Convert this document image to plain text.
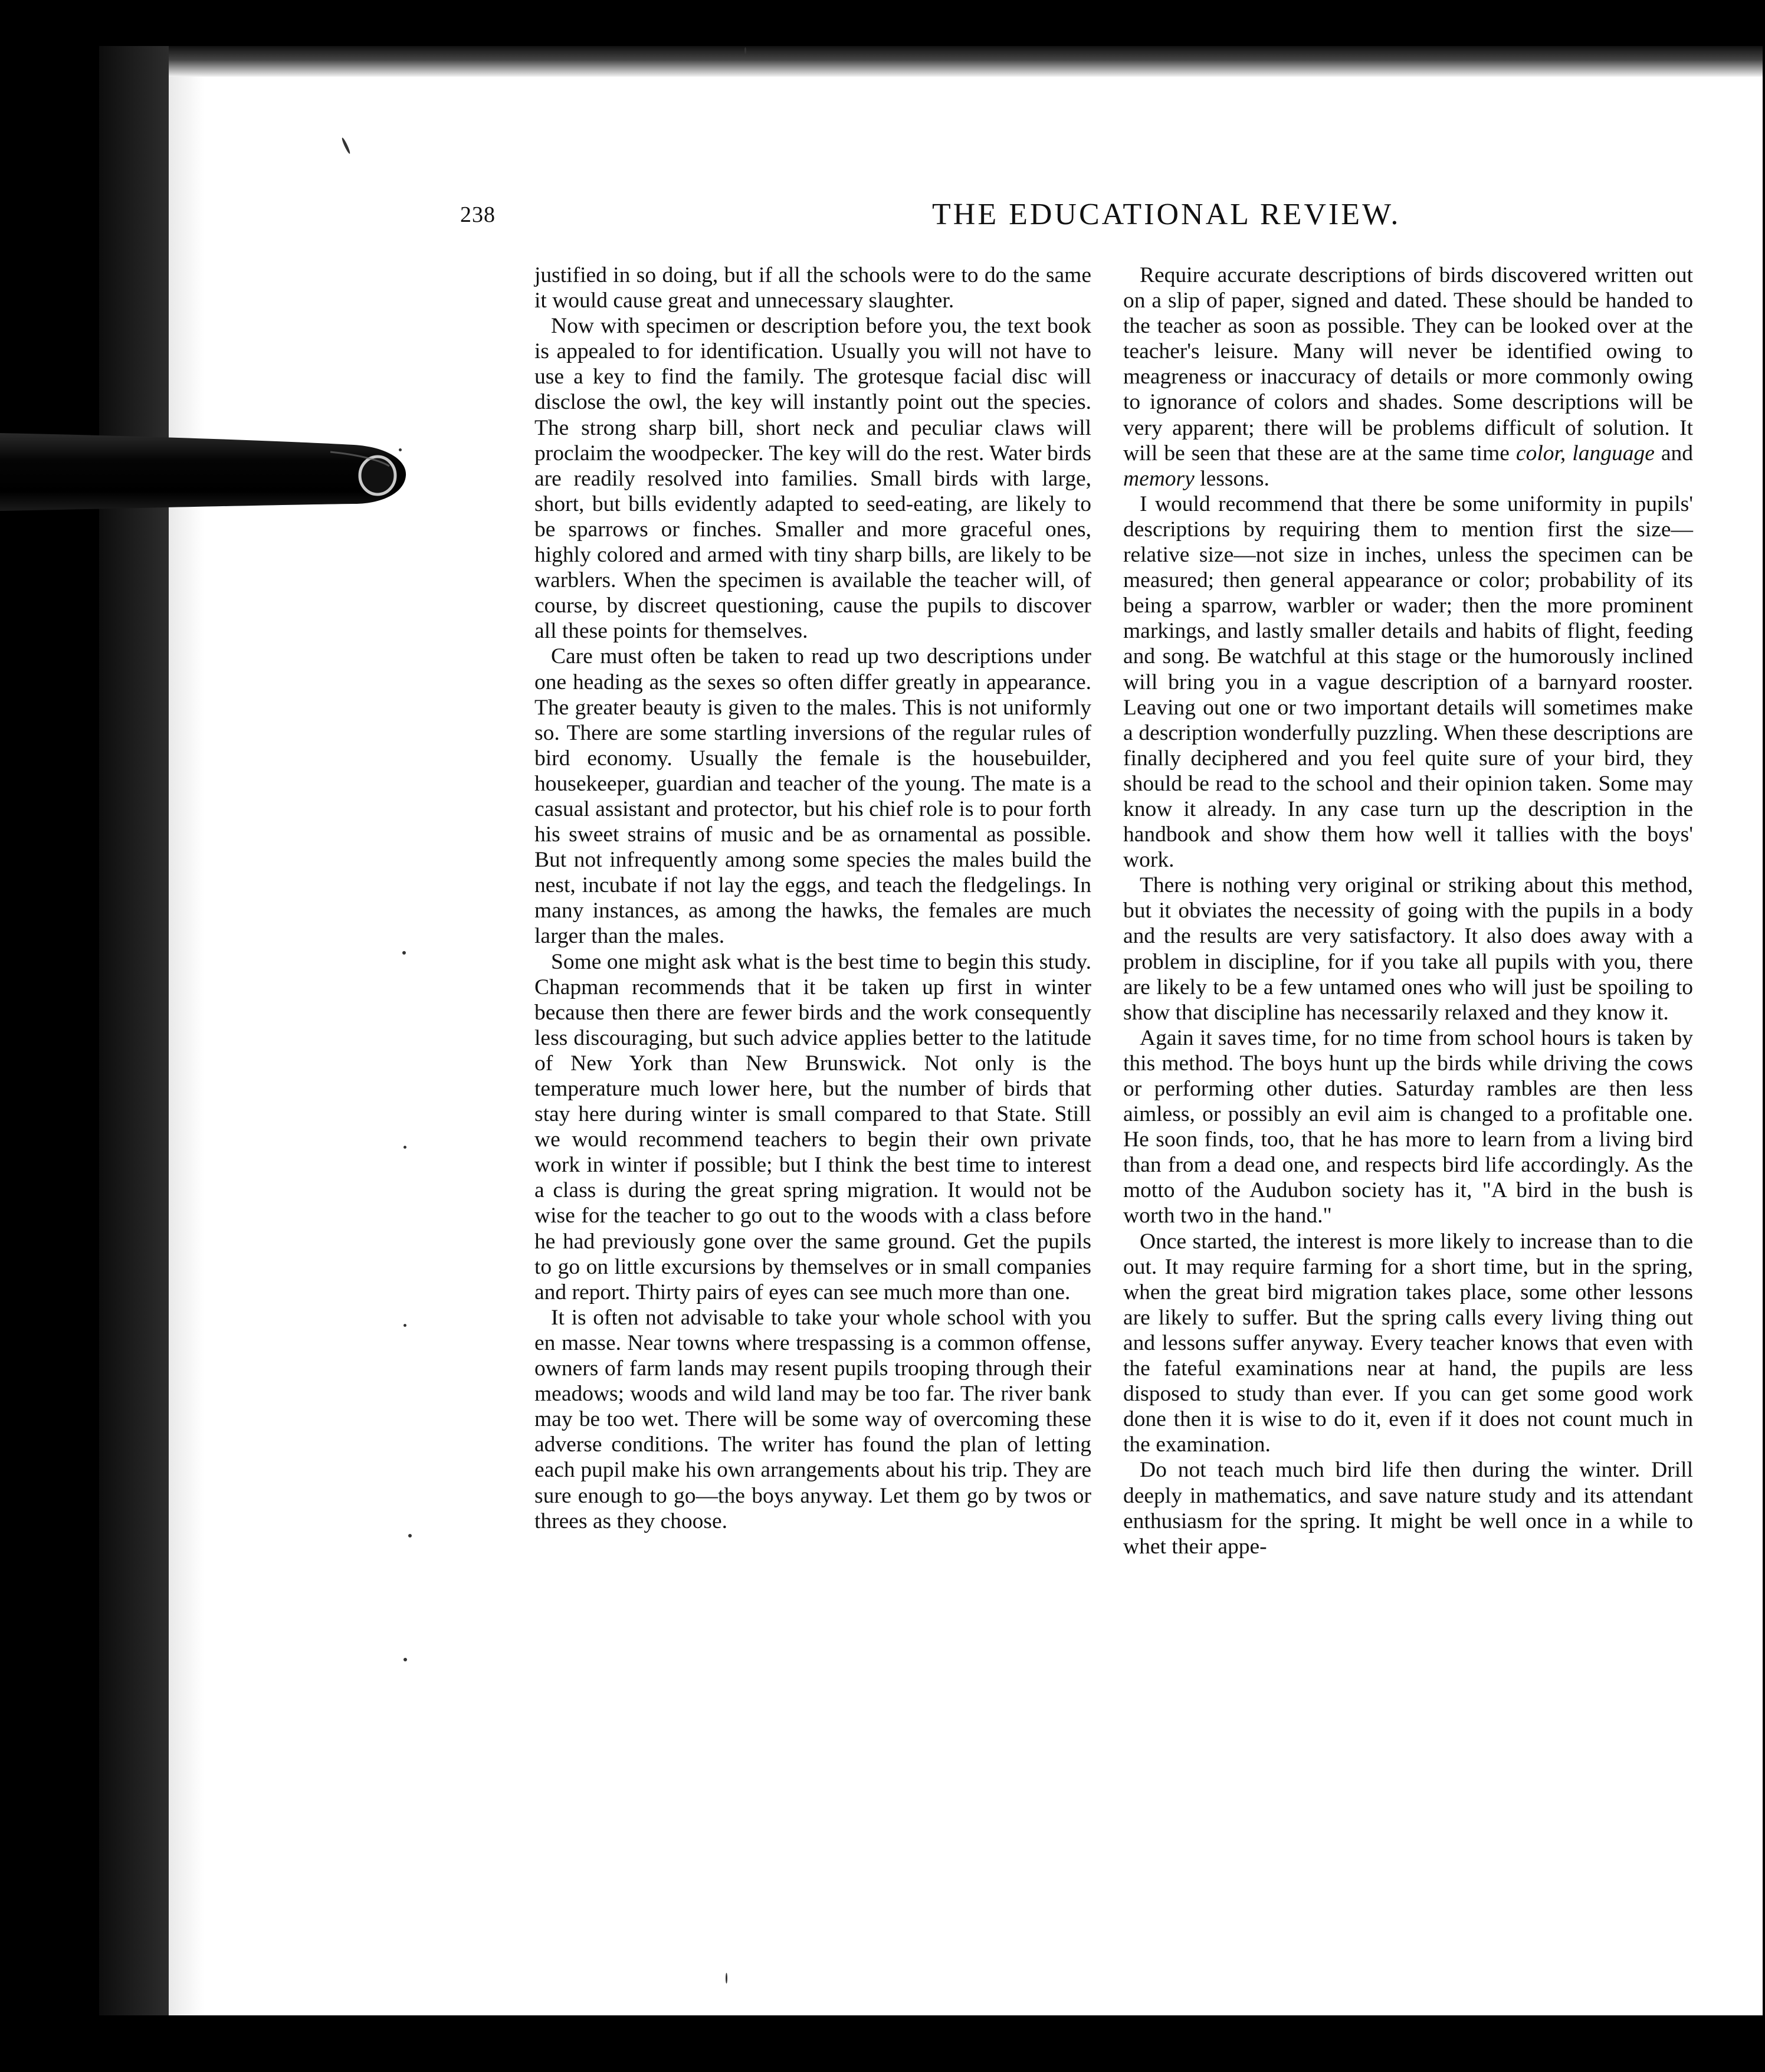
238	THE EDUCATIONAL REVIEW.

justified in so doing, but if all the schools were to do the same it would cause great and unnecessary slaughter.

Now with specimen or description before you, the text book is appealed to for identification. Usually you will not have to use a key to find the family. The grotesque facial disc will disclose the owl, the key will instantly point out the species. The strong sharp bill, short neck and peculiar claws will proclaim the woodpecker. The key will do the rest. Water birds are readily resolved into families. Small birds with large, short, but bills evidently adapted to seed-eating, are likely to be sparrows or finches. Smaller and more graceful ones, highly colored and armed with tiny sharp bills, are likely to be warblers. When the specimen is available the teacher will, of course, by discreet questioning, cause the pupils to discover all these points for themselves.

Care must often be taken to read up two descriptions under one heading as the sexes so often differ greatly in appearance. The greater beauty is given to the males. This is not uniformly so. There are some startling inversions of the regular rules of bird economy. Usually the female is the housebuilder, housekeeper, guardian and teacher of the young. The mate is a casual assistant and protector, but his chief role is to pour forth his sweet strains of music and be as ornamental as possible. But not infrequently among some species the males build the nest, incubate if not lay the eggs, and teach the fledgelings. In many instances, as among the hawks, the females are much larger than the males.

Some one might ask what is the best time to begin this study. Chapman recommends that it be taken up first in winter because then there are fewer birds and the work consequently less discouraging, but such advice applies better to the latitude of New York than New Brunswick. Not only is the temperature much lower here, but the number of birds that stay here during winter is small compared to that State. Still we would recommend teachers to begin their own private work in winter if possible; but I think the best time to interest a class is during the great spring migration. It would not be wise for the teacher to go out to the woods with a class before he had previously gone over the same ground. Get the pupils to go on little excursions by themselves or in small companies and report. Thirty pairs of eyes can see much more than one.

It is often not advisable to take your whole school with you en masse. Near towns where trespassing is a common offense, owners of farm lands may resent pupils trooping through their meadows; woods and wild land may be too far. The river bank may be too wet. There will be some way of overcoming these adverse conditions. The writer has found the plan of letting each pupil make his own arrangements about his trip. They are sure enough to go—the boys anyway. Let them go by twos or threes as they choose.

Require accurate descriptions of birds discovered written out on a slip of paper, signed and dated. These should be handed to the teacher as soon as possible. They can be looked over at the teacher's leisure. Many will never be identified owing to meagreness or inaccuracy of details or more commonly owing to ignorance of colors and shades. Some descriptions will be very apparent; there will be problems difficult of solution. It will be seen that these are at the same time color, language and memory lessons.

I would recommend that there be some uniformity in pupils' descriptions by requiring them to mention first the size—relative size—not size in inches, unless the specimen can be measured; then general appearance or color; probability of its being a sparrow, warbler or wader; then the more prominent markings, and lastly smaller details and habits of flight, feeding and song. Be watchful at this stage or the humorously inclined will bring you in a vague description of a barnyard rooster. Leaving out one or two important details will sometimes make a description wonderfully puzzling. When these descriptions are finally deciphered and you feel quite sure of your bird, they should be read to the school and their opinion taken. Some may know it already. In any case turn up the description in the handbook and show them how well it tallies with the boys' work.

There is nothing very original or striking about this method, but it obviates the necessity of going with the pupils in a body and the results are very satisfactory. It also does away with a problem in discipline, for if you take all pupils with you, there are likely to be a few untamed ones who will just be spoiling to show that discipline has necessarily relaxed and they know it.

Again it saves time, for no time from school hours is taken by this method. The boys hunt up the birds while driving the cows or performing other duties. Saturday rambles are then less aimless, or possibly an evil aim is changed to a profitable one. He soon finds, too, that he has more to learn from a living bird than from a dead one, and respects bird life accordingly. As the motto of the Audubon society has it, "A bird in the bush is worth two in the hand."

Once started, the interest is more likely to increase than to die out. It may require farming for a short time, but in the spring, when the great bird migration takes place, some other lessons are likely to suffer. But the spring calls every living thing out and lessons suffer anyway. Every teacher knows that even with the fateful examinations near at hand, the pupils are less disposed to study than ever. If you can get some good work done then it is wise to do it, even if it does not count much in the examination.

Do not teach much bird life then during the winter. Drill deeply in mathematics, and save nature study and its attendant enthusiasm for the spring. It might be well once in a while to whet their appe-
